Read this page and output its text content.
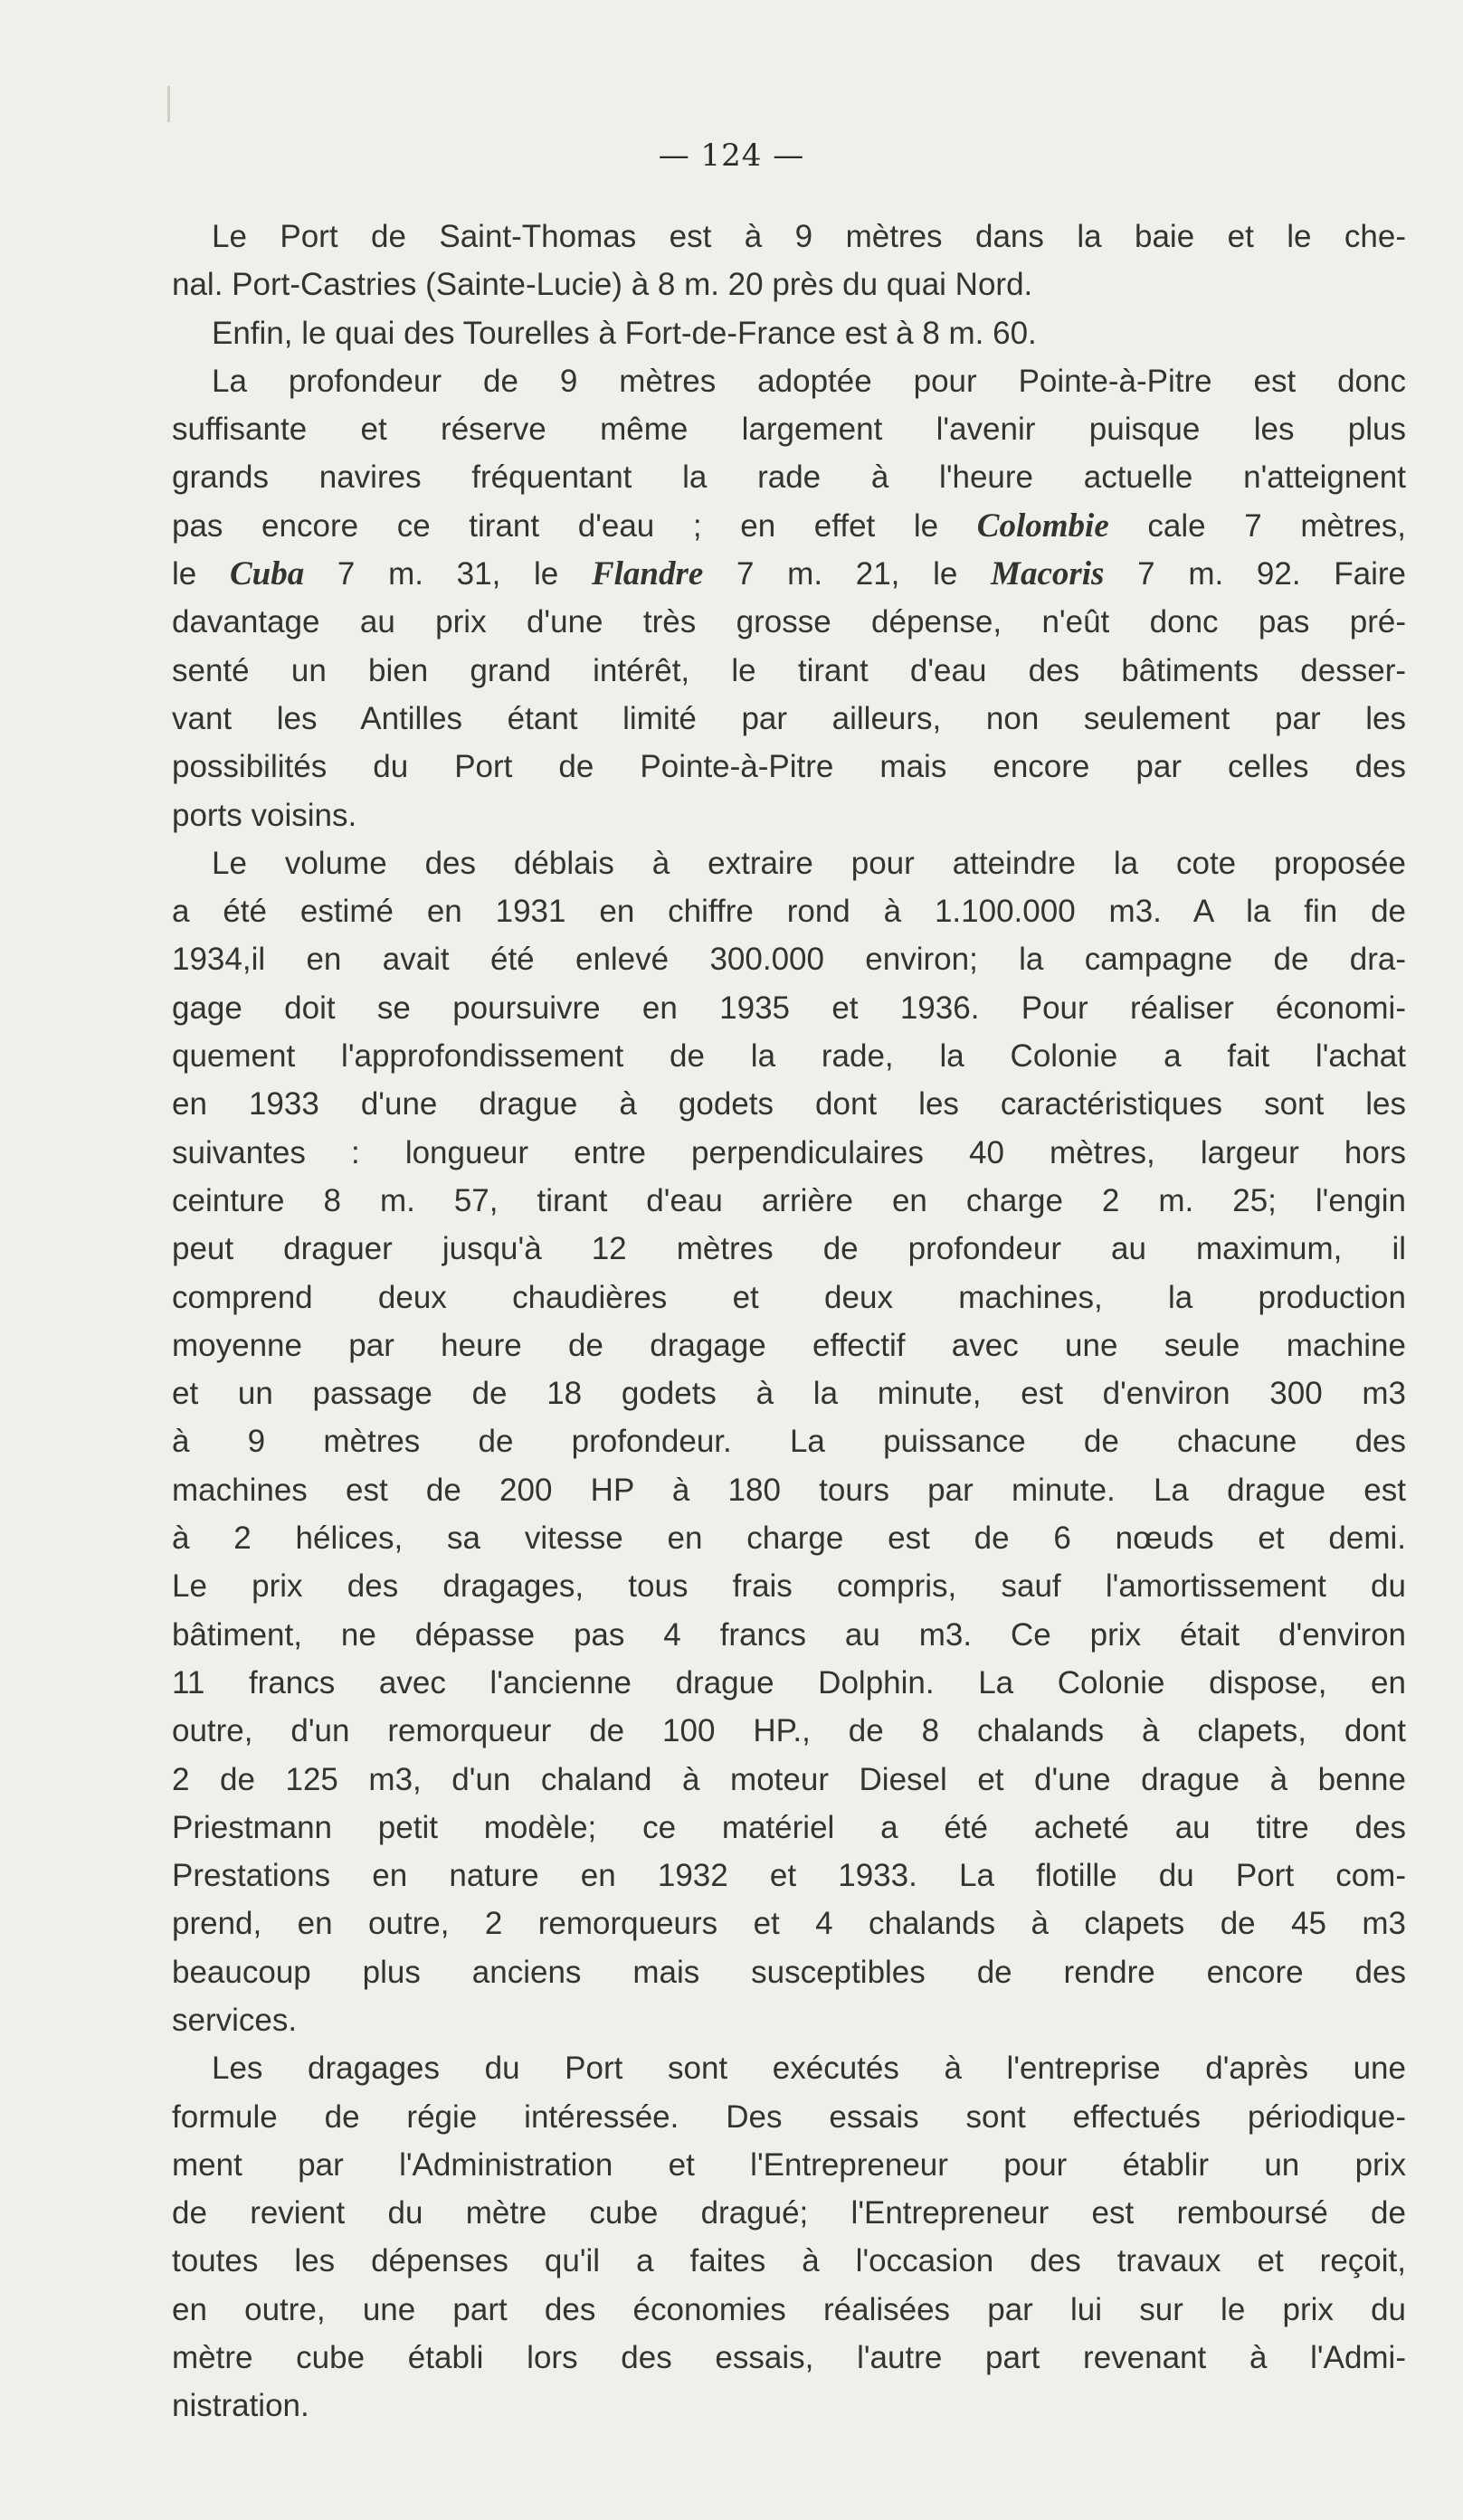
— 124 —
Le Port de Saint-Thomas est à 9 mètres dans la baie et le che-
nal. Port-Castries (Sainte-Lucie) à 8 m. 20 près du quai Nord.
Enfin, le quai des Tourelles à Fort-de-France est à 8 m. 60.
La profondeur de 9 mètres adoptée pour Pointe-à-Pitre est donc
suffisante et réserve même largement l'avenir puisque les plus
grands navires fréquentant la rade à l'heure actuelle n'atteignent
pas encore ce tirant d'eau ; en effet le Colombie cale 7 mètres,
le Cuba 7 m. 31, le Flandre 7 m. 21, le Macoris 7 m. 92. Faire
davantage au prix d'une très grosse dépense, n'eût donc pas pré-
senté un bien grand intérêt, le tirant d'eau des bâtiments desser-
vant les Antilles étant limité par ailleurs, non seulement par les
possibilités du Port de Pointe-à-Pitre mais encore par celles des
ports voisins.
Le volume des déblais à extraire pour atteindre la cote proposée
a été estimé en 1931 en chiffre rond à 1.100.000 m3. A la fin de
1934,il en avait été enlevé 300.000 environ; la campagne de dra-
gage doit se poursuivre en 1935 et 1936. Pour réaliser économi-
quement l'approfondissement de la rade, la Colonie a fait l'achat
en 1933 d'une drague à godets dont les caractéristiques sont les
suivantes : longueur entre perpendiculaires 40 mètres, largeur hors
ceinture 8 m. 57, tirant d'eau arrière en charge 2 m. 25; l'engin
peut draguer jusqu'à 12 mètres de profondeur au maximum, il
comprend deux chaudières et deux machines, la production
moyenne par heure de dragage effectif avec une seule machine
et un passage de 18 godets à la minute, est d'environ 300 m3
à 9 mètres de profondeur. La puissance de chacune des
machines est de 200 HP à 180 tours par minute. La drague est
à 2 hélices, sa vitesse en charge est de 6 nœuds et demi.
Le prix des dragages, tous frais compris, sauf l'amortissement du
bâtiment, ne dépasse pas 4 francs au m3. Ce prix était d'environ
11 francs avec l'ancienne drague Dolphin. La Colonie dispose, en
outre, d'un remorqueur de 100 HP., de 8 chalands à clapets, dont
2 de 125 m3, d'un chaland à moteur Diesel et d'une drague à benne
Priestmann petit modèle; ce matériel a été acheté au titre des
Prestations en nature en 1932 et 1933. La flotille du Port com-
prend, en outre, 2 remorqueurs et 4 chalands à clapets de 45 m3
beaucoup plus anciens mais susceptibles de rendre encore des
services.
Les dragages du Port sont exécutés à l'entreprise d'après une
formule de régie intéressée. Des essais sont effectués périodique-
ment par l'Administration et l'Entrepreneur pour établir un prix
de revient du mètre cube dragué; l'Entrepreneur est remboursé de
toutes les dépenses qu'il a faites à l'occasion des travaux et reçoit,
en outre, une part des économies réalisées par lui sur le prix du
mètre cube établi lors des essais, l'autre part revenant à l'Admi-
nistration.
